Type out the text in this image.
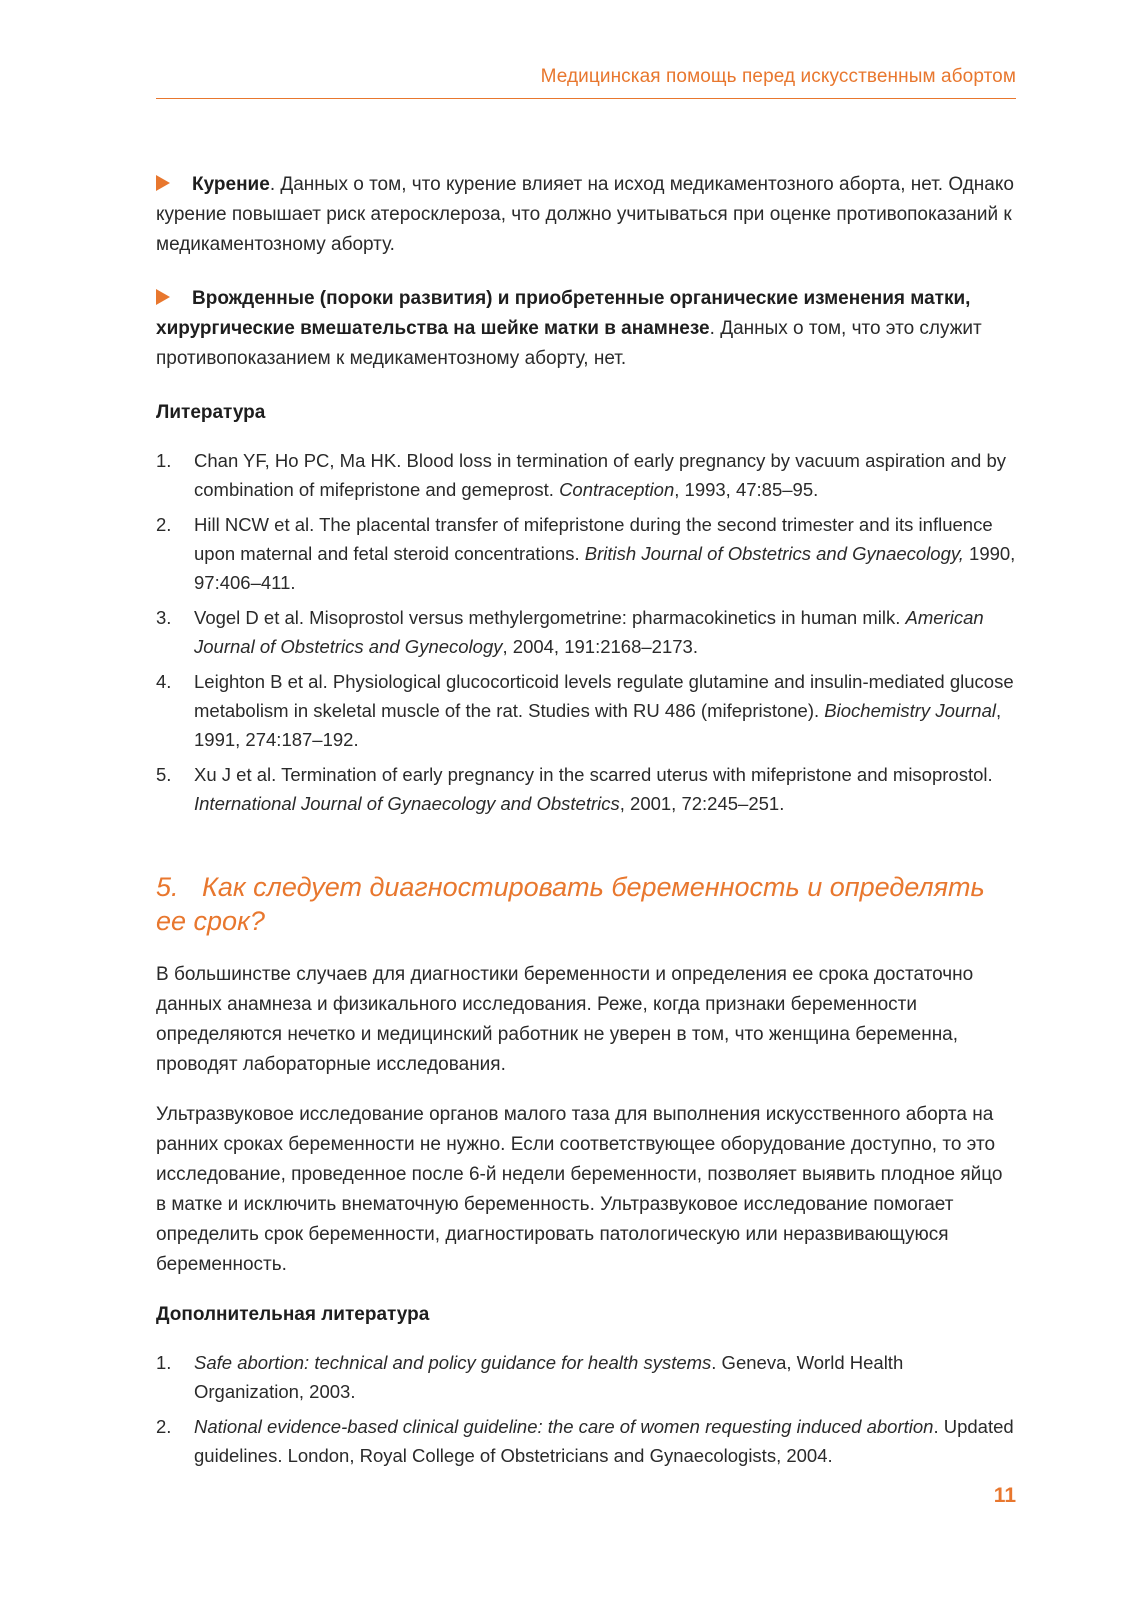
Медицинская помощь перед искусственным абортом

Курение. Данных о том, что курение влияет на исход медикаментозного аборта, нет. Однако курение повышает риск атеросклероза, что должно учитываться при оценке противопоказаний к медикаментозному аборту.

Врожденные (пороки развития) и приобретенные органические изменения матки, хирургические вмешательства на шейке матки в анамнезе. Данных о том, что это служит противопоказанием к медикаментозному аборту, нет.

Литература
1. Chan YF, Ho PC, Ma HK. Blood loss in termination of early pregnancy by vacuum aspiration and by combination of mifepristone and gemeprost. Contraception, 1993, 47:85–95.
2. Hill NCW et al. The placental transfer of mifepristone during the second trimester and its influence upon maternal and fetal steroid concentrations. British Journal of Obstetrics and Gynaecology, 1990, 97:406–411.
3. Vogel D et al. Misoprostol versus methylergometrine: pharmacokinetics in human milk. American Journal of Obstetrics and Gynecology, 2004, 191:2168–2173.
4. Leighton B et al. Physiological glucocorticoid levels regulate glutamine and insulin-mediated glucose metabolism in skeletal muscle of the rat. Studies with RU 486 (mifepristone). Biochemistry Journal, 1991, 274:187–192.
5. Xu J et al. Termination of early pregnancy in the scarred uterus with mifepristone and misoprostol. International Journal of Gynaecology and Obstetrics, 2001, 72:245–251.
5. Как следует диагностировать беременность и определять ее срок?

В большинстве случаев для диагностики беременности и определения ее срока достаточно данных анамнеза и физикального исследования. Реже, когда признаки беременности определяются нечетко и медицинский работник не уверен в том, что женщина беременна, проводят лабораторные исследования.

Ультразвуковое исследование органов малого таза для выполнения искусственного аборта на ранних сроках беременности не нужно. Если соответствующее оборудование доступно, то это исследование, проведенное после 6-й недели беременности, позволяет выявить плодное яйцо в матке и исключить внематочную беременность. Ультразвуковое исследование помогает определить срок беременности, диагностировать патологическую или неразвивающуюся беременность.

Дополнительная литература
1. Safe abortion: technical and policy guidance for health systems. Geneva, World Health Organization, 2003.
2. National evidence-based clinical guideline: the care of women requesting induced abortion. Updated guidelines. London, Royal College of Obstetricians and Gynaecologists, 2004.
11
